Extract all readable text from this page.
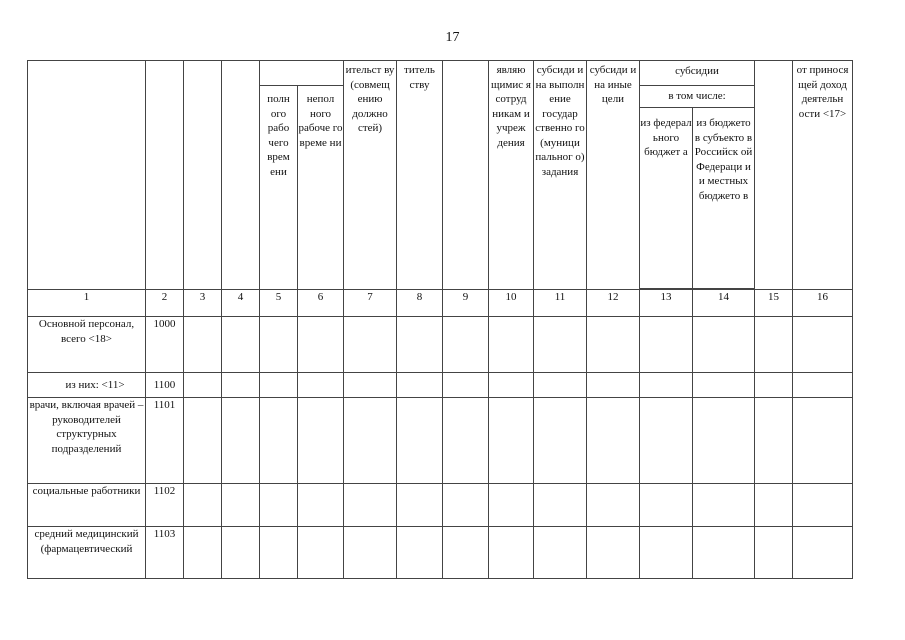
17
						ительст ву (совмещ ению должно стей)	титель ству		являю щимис я сотруд никам и учреж дения	субсиди и на выполн ение государ ственно го (муници пальног о) задания	субсиди и на иные цели	субсидии			от принося щей доход деятельн ости <17>
				полн ого рабо чего врем ени	непол ного рабоче го време ни							в том числе:			
												из федерал ьного бюджет а	из бюджето в субъекто в Российск ой Федераци и и местных бюджето в		

1	2	3	4	5	6	7	8	9	10	11	12	13	14	15	16
Основной персонал, всего <18>	1000														
из них: <11>	1100														
врачи, включая врачей – руководителей структурных подразделений	1101														
социальные работники	1102														
средний медицинский (фармацевтический	1103														
